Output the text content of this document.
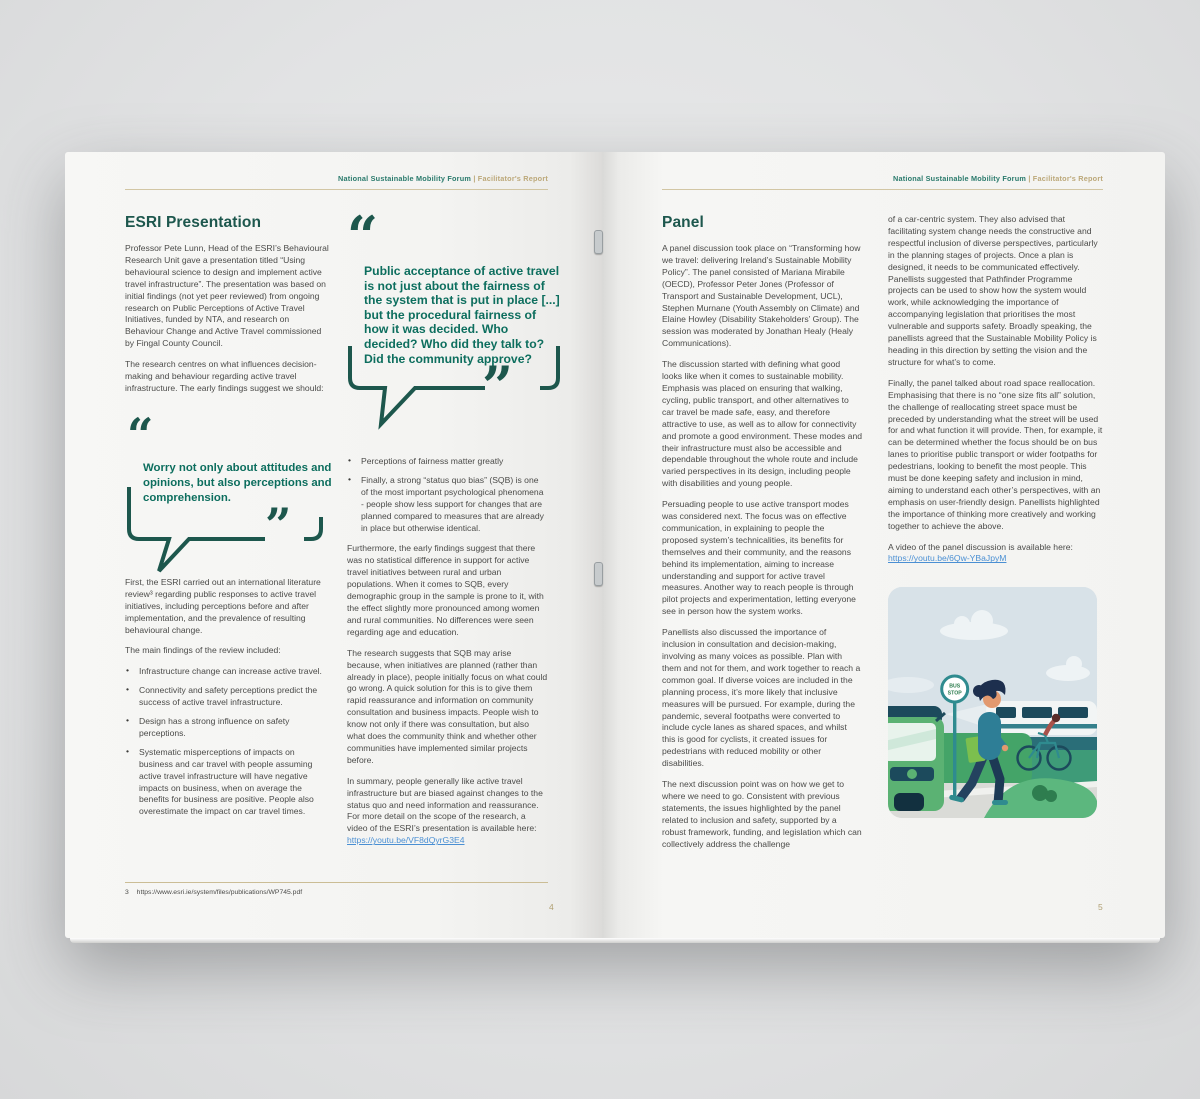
National Sustainable Mobility Forum | Facilitator's Report
ESRI Presentation

Professor Pete Lunn, Head of the ESRI’s Behavioural Research Unit gave a presentation titled “Using behavioural science to design and implement active travel infrastructure”. The presentation was based on initial findings (not yet peer reviewed) from ongoing research on Public Perceptions of Active Travel Initiatives, funded by NTA, and research on Behaviour Change and Active Travel commissioned by Fingal County Council.

The research centres on what influences decision-making and behaviour regarding active travel infrastructure. The early findings suggest we should:

“

Worry not only about attitudes and opinions, but also perceptions and comprehension. ”

First, the ESRI carried out an international literature review³ regarding public responses to active travel initiatives, including perceptions before and after implementation, and the prevalence of resulting behavioural change.

The main findings of the review included:

• Infrastructure change can increase active travel.
• Connectivity and safety perceptions predict the success of active travel infrastructure.
• Design has a strong influence on safety perceptions.
• Systematic misperceptions of impacts on business and car travel with people assuming active travel infrastructure will have negative impacts on business, when on average the benefits for business are positive. People also overestimate the impact on car travel times.
“

Public acceptance of active travel is not just about the fairness of the system that is put in place [...] but the procedural fairness of how it was decided. Who decided? Who did they talk to? Did the community approve?

”
• Perceptions of fairness matter greatly
• Finally, a strong “status quo bias” (SQB) is one of the most important psychological phenomena - people show less support for changes that are planned compared to measures that are already in place but otherwise identical.

Furthermore, the early findings suggest that there was no statistical difference in support for active travel initiatives between rural and urban populations. When it comes to SQB, every demographic group in the sample is prone to it, with the effect slightly more pronounced among women and rural communities. No differences were seen regarding age and education.

The research suggests that SQB may arise because, when initiatives are planned (rather than already in place), people initially focus on what could go wrong. A quick solution for this is to give them rapid reassurance and information on community consultation and business impacts. People wish to know not only if there was consultation, but also what does the community think and whether other communities have implemented similar projects before.

In summary, people generally like active travel infrastructure but are biased against changes to the status quo and need information and reassurance. For more detail on the scope of the research, a video of the ESRI’s presentation is available here: https://youtu.be/VF8dQyrG3E4

3 https://www.esri.ie/system/files/publications/WP745.pdf
4
National Sustainable Mobility Forum | Facilitator's Report
Panel

A panel discussion took place on “Transforming how we travel: delivering Ireland’s Sustainable Mobility Policy”. The panel consisted of Mariana Mirabile (OECD), Professor Peter Jones (Professor of Transport and Sustainable Development, UCL), Stephen Murnane (Youth Assembly on Climate) and Elaine Howley (Disability Stakeholders’ Group). The session was moderated by Jonathan Healy (Healy Communications).

The discussion started with defining what good looks like when it comes to sustainable mobility. Emphasis was placed on ensuring that walking, cycling, public transport, and other alternatives to car travel be made safe, easy, and therefore attractive to use, as well as to allow for connectivity and promote a good environment. These modes and their infrastructure must also be accessible and dependable throughout the whole route and include varied perspectives in its design, including people with disabilities and young people.

Persuading people to use active transport modes was considered next. The focus was on effective communication, in explaining to people the proposed system’s technicalities, its benefits for themselves and their community, and the reasons behind its implementation, aiming to increase understanding and support for active travel measures. Another way to reach people is through pilot projects and experimentation, letting everyone see in person how the system works.

Panellists also discussed the importance of inclusion in consultation and decision-making, involving as many voices as possible. Plan with them and not for them, and work together to reach a common goal. If diverse voices are included in the planning process, it’s more likely that inclusive measures will be pursued. For example, during the pandemic, several footpaths were converted to include cycle lanes as shared spaces, and whilst this is good for cyclists, it created issues for pedestrians with reduced mobility or other disabilities.

The next discussion point was on how we get to where we need to go. Consistent with previous statements, the issues highlighted by the panel related to inclusion and safety, supported by a robust framework, funding, and legislation which can collectively address the challenge

of a car-centric system. They also advised that facilitating system change needs the constructive and respectful inclusion of diverse perspectives, particularly in the planning stages of projects. Once a plan is designed, it needs to be communicated effectively. Panellists suggested that Pathfinder Programme projects can be used to show how the system would work, while acknowledging the importance of accompanying legislation that prioritises the most vulnerable and supports safety. Broadly speaking, the panellists agreed that the Sustainable Mobility Policy is heading in this direction by setting the vision and the structure for what’s to come.

Finally, the panel talked about road space reallocation. Emphasising that there is no “one size fits all” solution, the challenge of reallocating street space must be preceded by understanding what the street will be used for and what function it will provide. Then, for example, it can be determined whether the focus should be on bus lanes to prioritise public transport or wider footpaths for pedestrians, looking to benefit the most people. This must be done keeping safety and inclusion in mind, aiming to understand each other’s perspectives, with an emphasis on user-friendly design. Panellists highlighted the importance of thinking more creatively and working together to achieve the above.

A video of the panel discussion is available here: https://youtu.be/6Qw-YBaJpyM

BUS
STOP
5
